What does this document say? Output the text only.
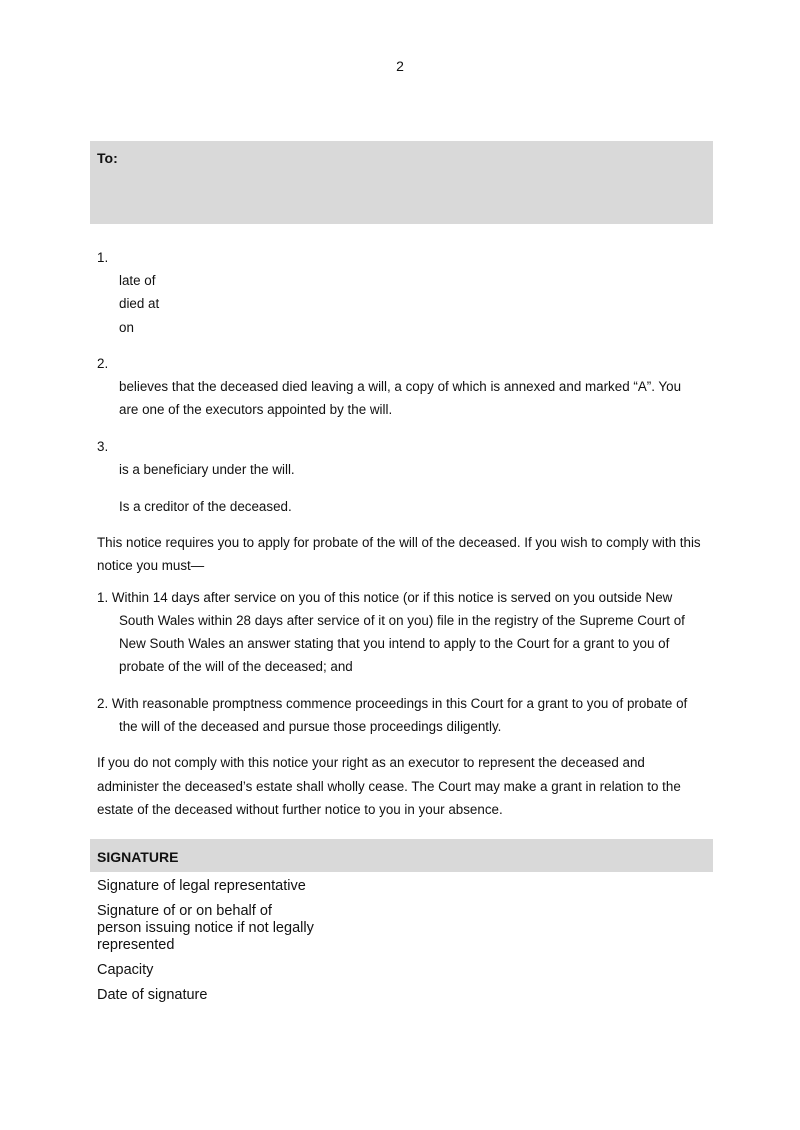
2
To:
1.
late of
died at
on
2.
believes that the deceased died leaving a will, a copy of which is annexed and marked “A”. You
are one of the executors appointed by the will.
3.
is a beneficiary under the will.
Is a creditor of the deceased.
This notice requires you to apply for probate of the will of the deceased. If you wish to comply with this
notice you must—
1. Within 14 days after service on you of this notice (or if this notice is served on you outside New
South Wales within 28 days after service of it on you) file in the registry of the Supreme Court of
New South Wales an answer stating that you intend to apply to the Court for a grant to you of
probate of the will of the deceased; and
2. With reasonable promptness commence proceedings in this Court for a grant to you of probate of
the will of the deceased and pursue those proceedings diligently.
If you do not comply with this notice your right as an executor to represent the deceased and
administer the deceased’s estate shall wholly cease. The Court may make a grant in relation to the
estate of the deceased without further notice to you in your absence.
SIGNATURE
Signature of legal representative
Signature of or on behalf of
person issuing notice if not legally
represented
Capacity
Date of signature
